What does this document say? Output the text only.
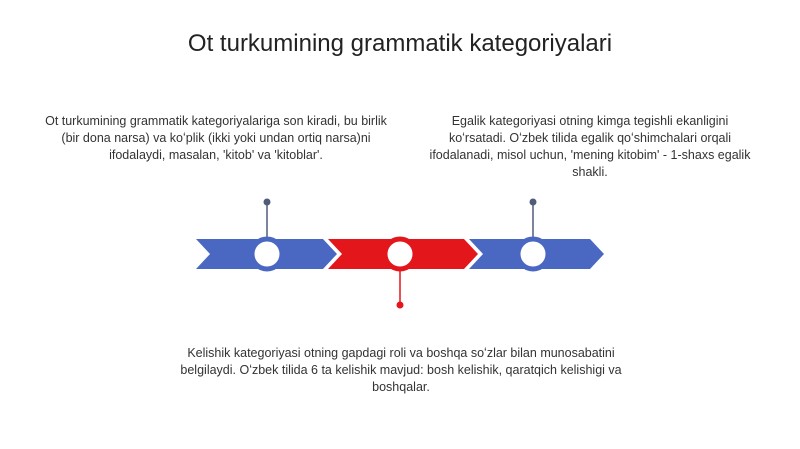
Ot turkumining grammatik kategoriyalari
Ot turkumining grammatik kategoriyalariga son kiradi, bu birlik (bir dona narsa) va koʻplik (ikki yoki undan ortiq narsa)ni ifodalaydi, masalan, 'kitob' va 'kitoblar'.
Egalik kategoriyasi otning kimga tegishli ekanligini koʻrsatadi. Oʻzbek tilida egalik qoʻshimchalari orqali ifodalanadi, misol uchun, 'mening kitobim' - 1-shaxs egalik shakli.
Kelishik kategoriyasi otning gapdagi roli va boshqa soʻzlar bilan munosabatini belgilaydi. Oʻzbek tilida 6 ta kelishik mavjud: bosh kelishik, qaratqich kelishigi va boshqalar.
